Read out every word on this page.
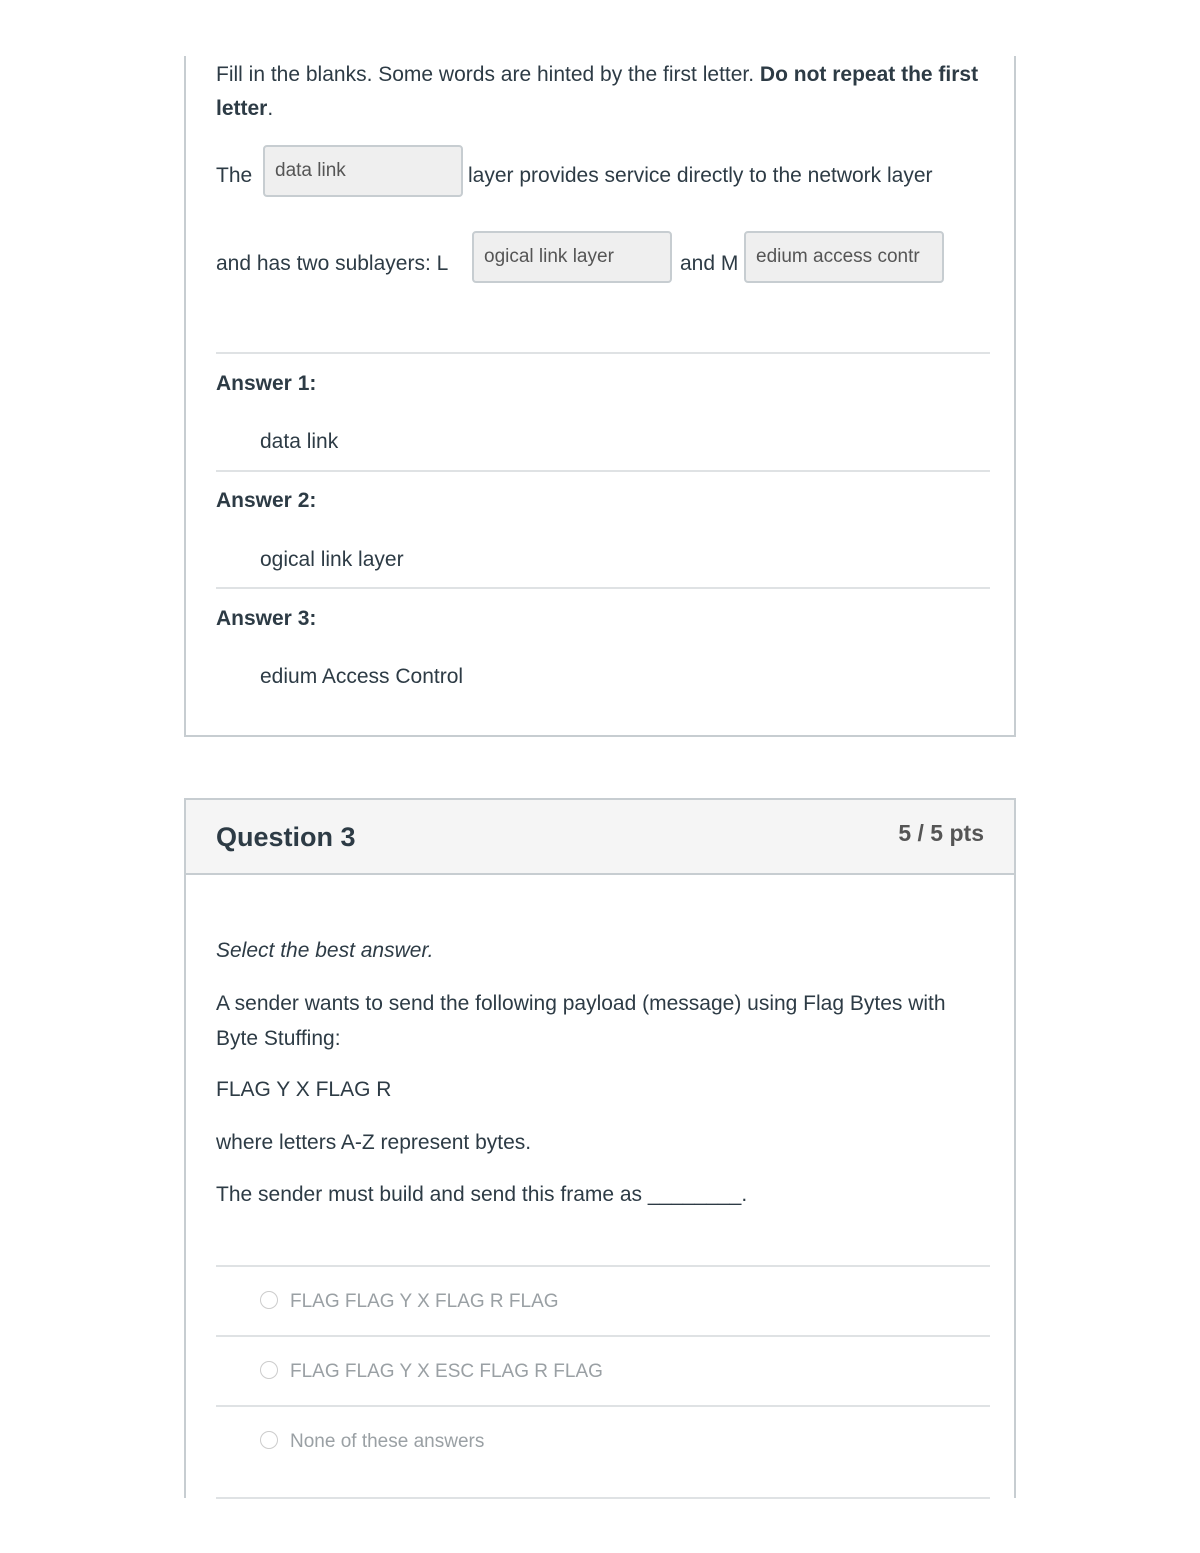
Fill in the blanks. Some words are hinted by the first letter. Do not repeat the first letter.
The	data link	layer provides service directly to the network layer
and has two sublayers: L	ogical link layer	and M edium access contr
Answer 1:
data link
Answer 2:
ogical link layer
Answer 3:
edium Access Control
Question 3	5 / 5 pts
Select the best answer.
A sender wants to send the following payload (message) using Flag Bytes with Byte Stuffing:
FLAG Y X FLAG R
where letters A-Z represent bytes.
The sender must build and send this frame as ________.
FLAG FLAG Y X FLAG R FLAG
FLAG FLAG Y X ESC FLAG R FLAG
None of these answers
